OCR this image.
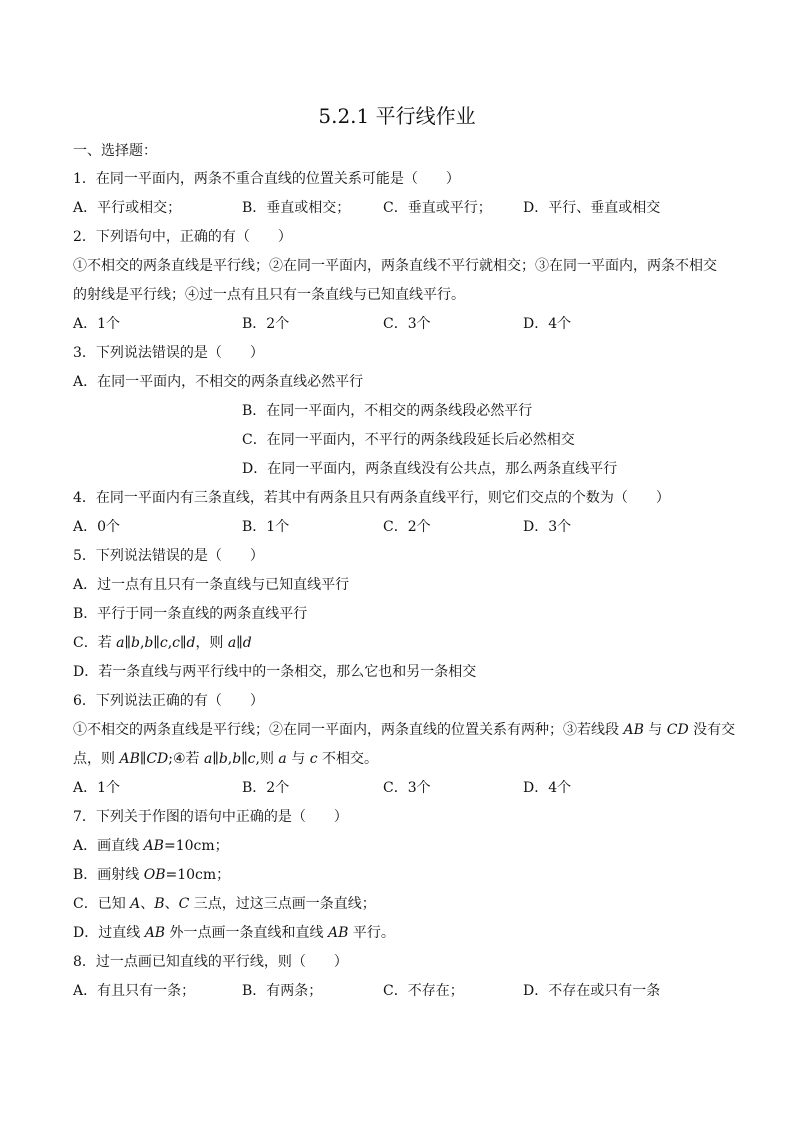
5.2.1 平行线作业
一、选择题：
1．在同一平面内，两条不重合直线的位置关系可能是（　　）
A．平行或相交；	B．垂直或相交； C．垂直或平行； D．平行、垂直或相交
2．下列语句中，正确的有（　　）
①不相交的两条直线是平行线；②在同一平面内，两条直线不平行就相交；③在同一平面内，两条不相交
的射线是平行线；④过一点有且只有一条直线与已知直线平行。
A．1个	B．2个	C．3个	D．4个
3．下列说法错误的是（　　）
A．在同一平面内，不相交的两条直线必然平行
B．在同一平面内，不相交的两条线段必然平行
C．在同一平面内，不平行的两条线段延长后必然相交
D．在同一平面内，两条直线没有公共点，那么两条直线平行
4．在同一平面内有三条直线，若其中有两条且只有两条直线平行，则它们交点的个数为（　　）
A．0个	B．1个	C．2个	D．3个
5．下列说法错误的是（　　）
A．过一点有且只有一条直线与已知直线平行
B．平行于同一条直线的两条直线平行
C．若 a∥b,b∥c,c∥d，则 a∥d
D．若一条直线与两平行线中的一条相交，那么它也和另一条相交
6．下列说法正确的有（　　）
①不相交的两条直线是平行线；②在同一平面内，两条直线的位置关系有两种；③若线段 AB 与 CD 没有交
点，则 AB∥CD;④若 a∥b,b∥c,则 a 与 c 不相交。
A．1个	B．2个	C．3个	D．4个
7．下列关于作图的语句中正确的是（　　）
A．画直线 AB=10cm；
B．画射线 OB=10cm；
C．已知 A、B、C 三点，过这三点画一条直线；
D．过直线 AB 外一点画一条直线和直线 AB 平行。
8．过一点画已知直线的平行线，则（　　）
A．有且只有一条；	B．有两条；	C．不存在；	D．不存在或只有一条
